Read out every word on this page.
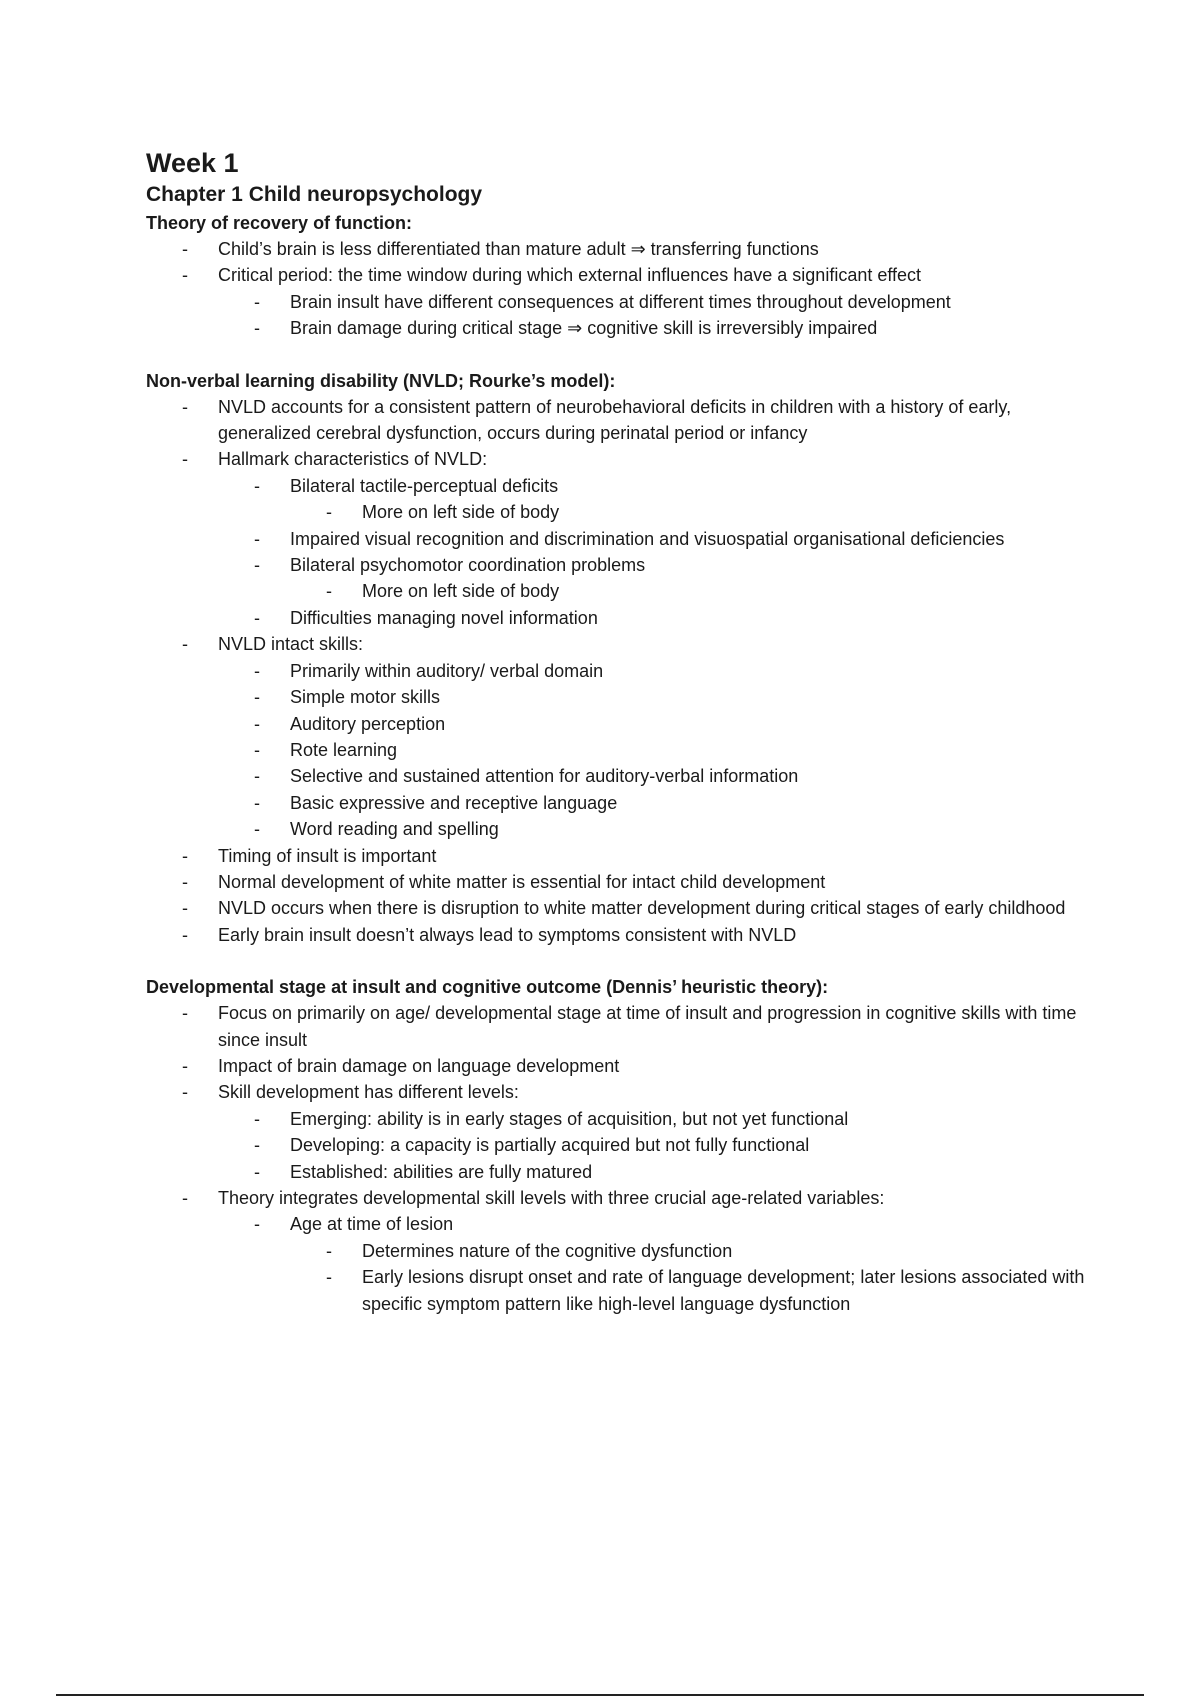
Week 1
Chapter 1 Child neuropsychology
Theory of recovery of function:
- Child’s brain is less differentiated than mature adult ⇒ transferring functions
- Critical period: the time window during which external influences have a significant effect
- Brain insult have different consequences at different times throughout development
- Brain damage during critical stage ⇒ cognitive skill is irreversibly impaired
Non-verbal learning disability (NVLD; Rourke’s model):
- NVLD accounts for a consistent pattern of neurobehavioral deficits in children with a history of early, generalized cerebral dysfunction, occurs during perinatal period or infancy
- Hallmark characteristics of NVLD:
- Bilateral tactile-perceptual deficits
- More on left side of body
- Impaired visual recognition and discrimination and visuospatial organisational deficiencies
- Bilateral psychomotor coordination problems
- More on left side of body
- Difficulties managing novel information
- NVLD intact skills:
- Primarily within auditory/ verbal domain
- Simple motor skills
- Auditory perception
- Rote learning
- Selective and sustained attention for auditory-verbal information
- Basic expressive and receptive language
- Word reading and spelling
- Timing of insult is important
- Normal development of white matter is essential for intact child development
- NVLD occurs when there is disruption to white matter development during critical stages of early childhood
- Early brain insult doesn’t always lead to symptoms consistent with NVLD
Developmental stage at insult and cognitive outcome (Dennis’ heuristic theory):
- Focus on primarily on age/ developmental stage at time of insult and progression in cognitive skills with time since insult
- Impact of brain damage on language development
- Skill development has different levels:
- Emerging: ability is in early stages of acquisition, but not yet functional
- Developing: a capacity is partially acquired but not fully functional
- Established: abilities are fully matured
- Theory integrates developmental skill levels with three crucial age-related variables:
- Age at time of lesion
- Determines nature of the cognitive dysfunction
- Early lesions disrupt onset and rate of language development; later lesions associated with specific symptom pattern like high-level language dysfunction
